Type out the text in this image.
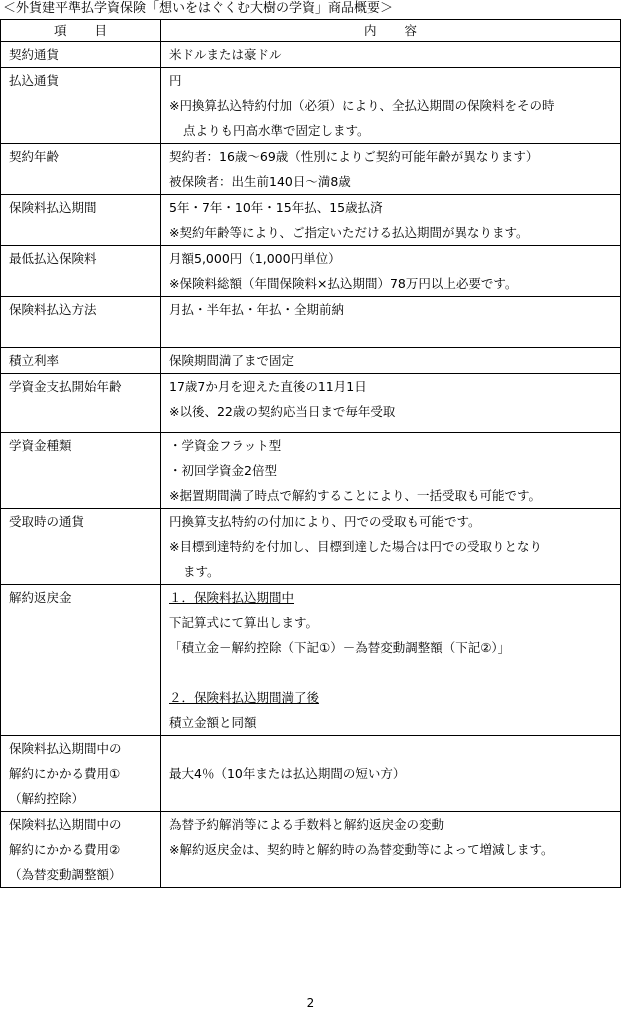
＜外貨建平準払学資保険「想いをはぐくむ大樹の学資」商品概要＞
項目	内容

契約通貨	米ドルまたは豪ドル

払込通貨	円
※円換算払込特約付加（必須）により、全払込期間の保険料をその時
点よりも円高水準で固定します。

契約年齢	契約者：16歳～69歳（性別によりご契約可能年齢が異なります）
被保険者：出生前140日～満8歳

保険料払込期間	5年・7年・10年・15年払、15歳払済
※契約年齢等により、ご指定いただける払込期間が異なります。

最低払込保険料	月額5,000円（1,000円単位）
※保険料総額（年間保険料×払込期間）78万円以上必要です。

保険料払込方法	月払・半年払・年払・全期前納

積立利率	保険期間満了まで固定

学資金支払開始年齢	17歳7か月を迎えた直後の11月1日
※以後、22歳の契約応当日まで毎年受取

学資金種類	・学資金フラット型
・初回学資金2倍型
※据置期間満了時点で解約することにより、一括受取も可能です。

受取時の通貨	円換算支払特約の付加により、円での受取も可能です。
※目標到達特約を付加し、目標到達した場合は円での受取りとなり
ます。

解約返戻金	１．保険料払込期間中
下記算式にて算出します。
「積立金－解約控除（下記①）－為替変動調整額（下記②）」
２．保険料払込期間満了後
積立金額と同額

保険料払込期間中の
解約にかかる費用①
（解約控除）	最大4％（10年または払込期間の短い方）

保険料払込期間中の
解約にかかる費用②
（為替変動調整額）	為替予約解消等による手数料と解約返戻金の変動
※解約返戻金は、契約時と解約時の為替変動等によって増減します。
2
